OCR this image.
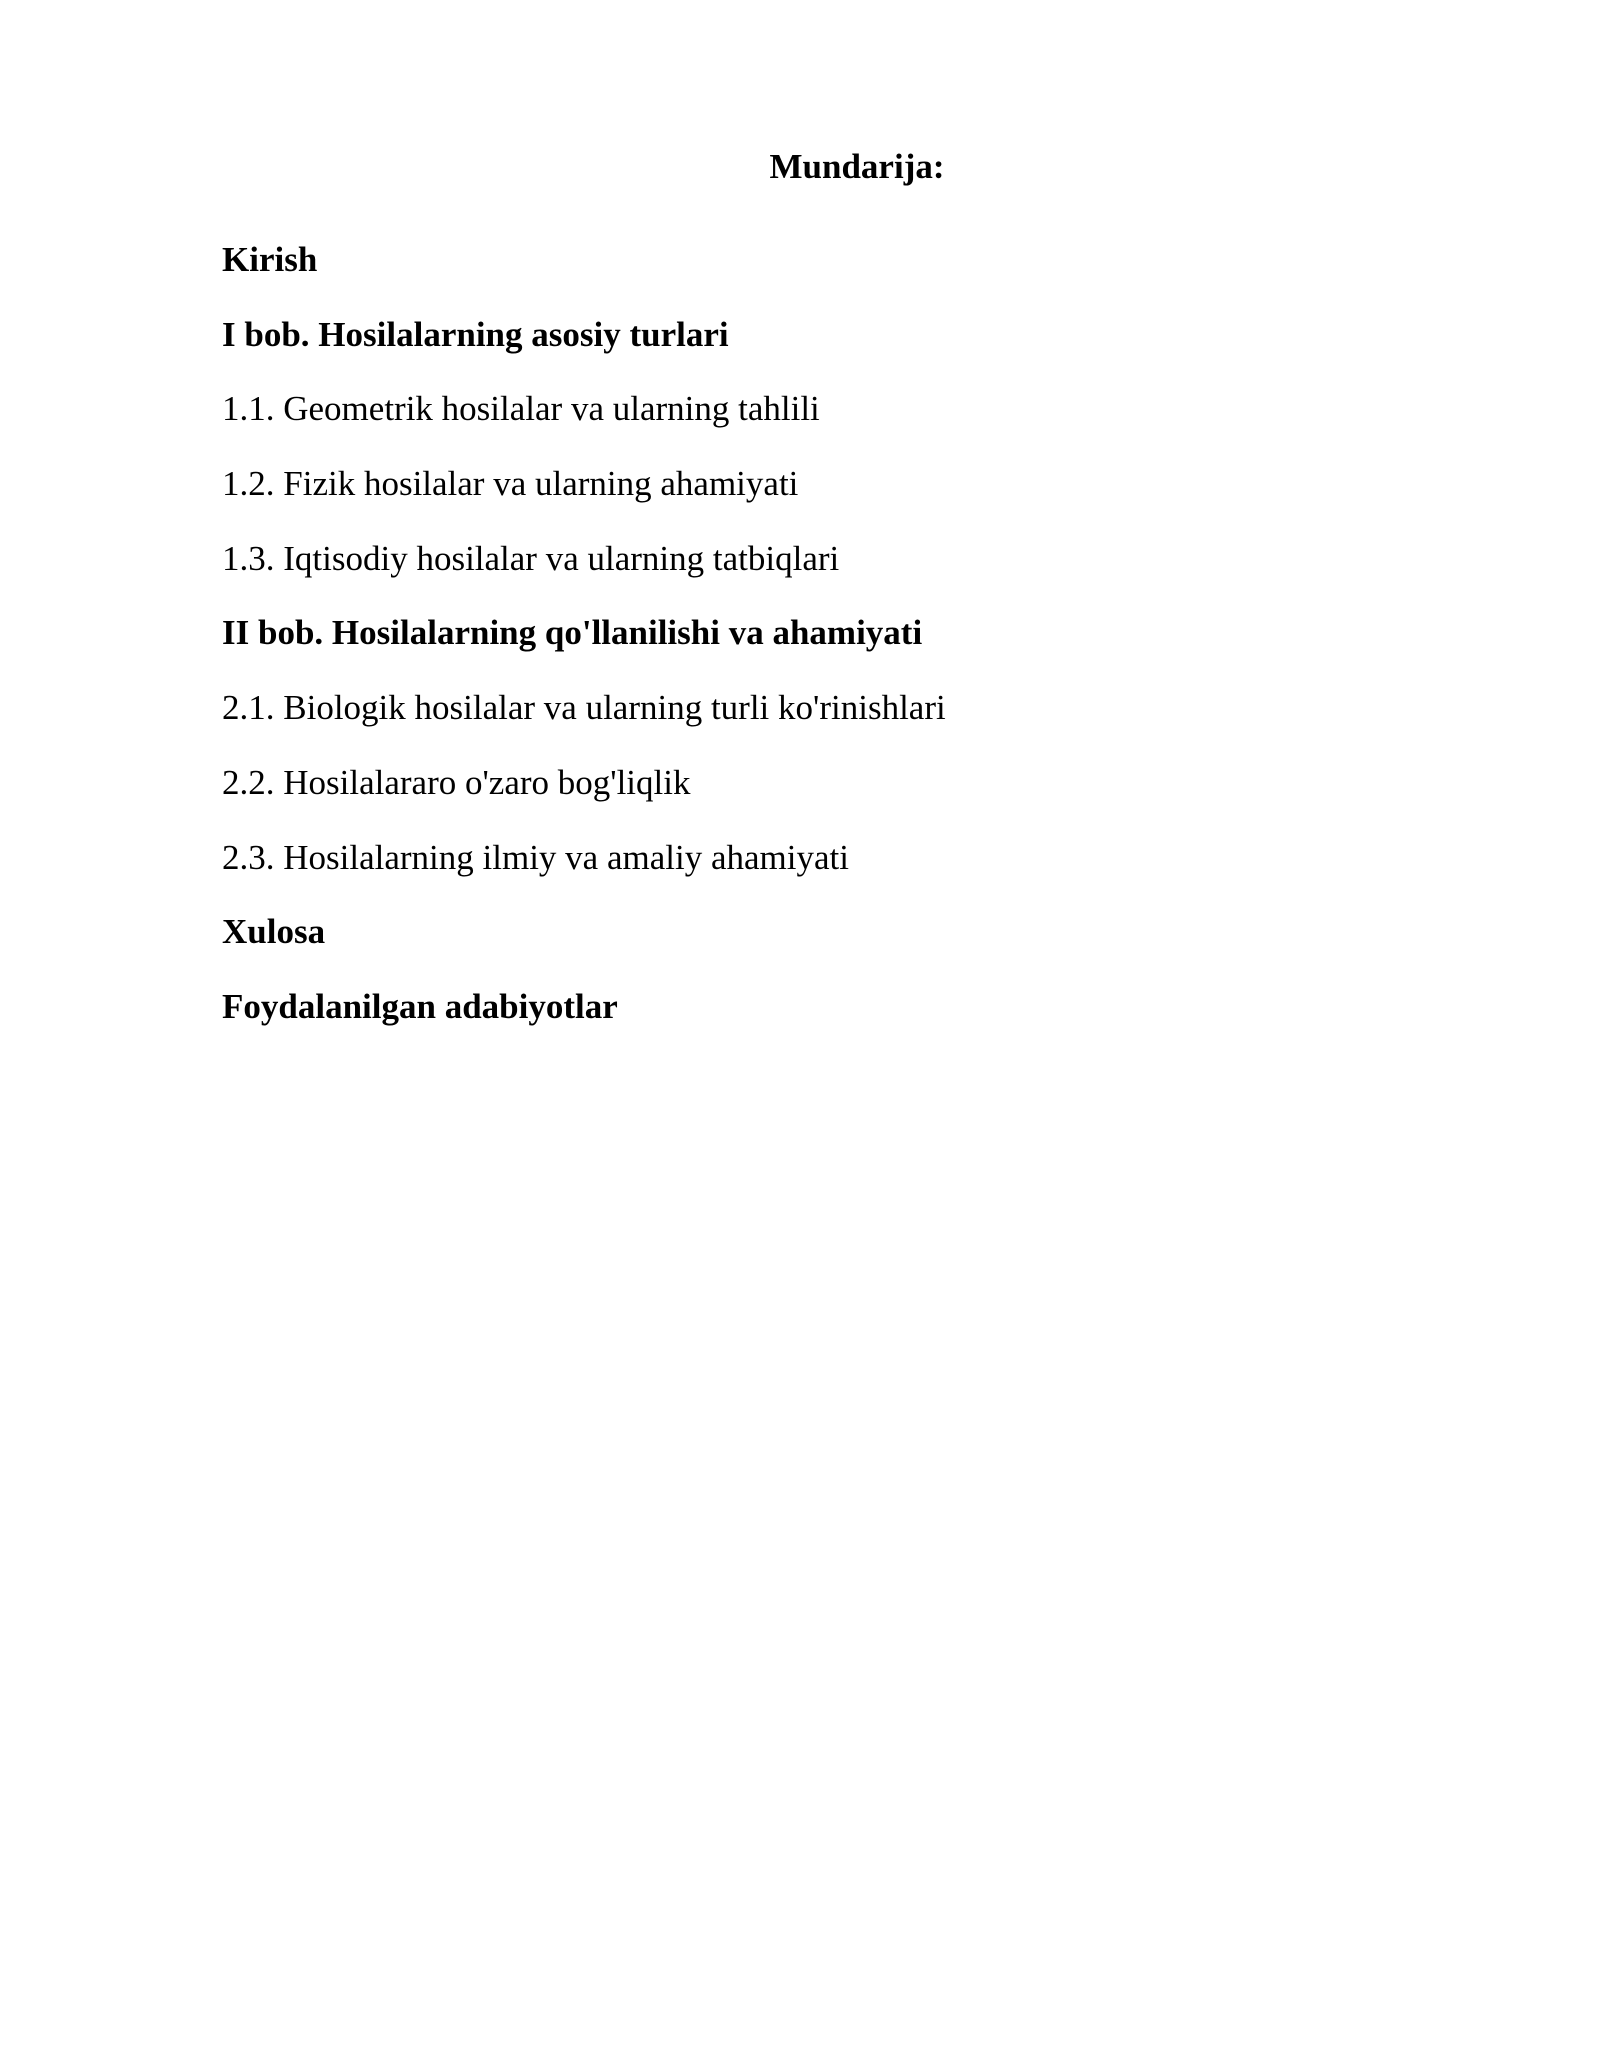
Mundarija:
Kirish
I bob. Hosilalarning asosiy turlari
1.1. Geometrik hosilalar va ularning tahlili
1.2. Fizik hosilalar va ularning ahamiyati
1.3. Iqtisodiy hosilalar va ularning tatbiqlari
II bob. Hosilalarning qo'llanilishi va ahamiyati
2.1. Biologik hosilalar va ularning turli ko'rinishlari
2.2. Hosilalararo o'zaro bog'liqlik
2.3. Hosilalarning ilmiy va amaliy ahamiyati
Xulosa
Foydalanilgan adabiyotlar
